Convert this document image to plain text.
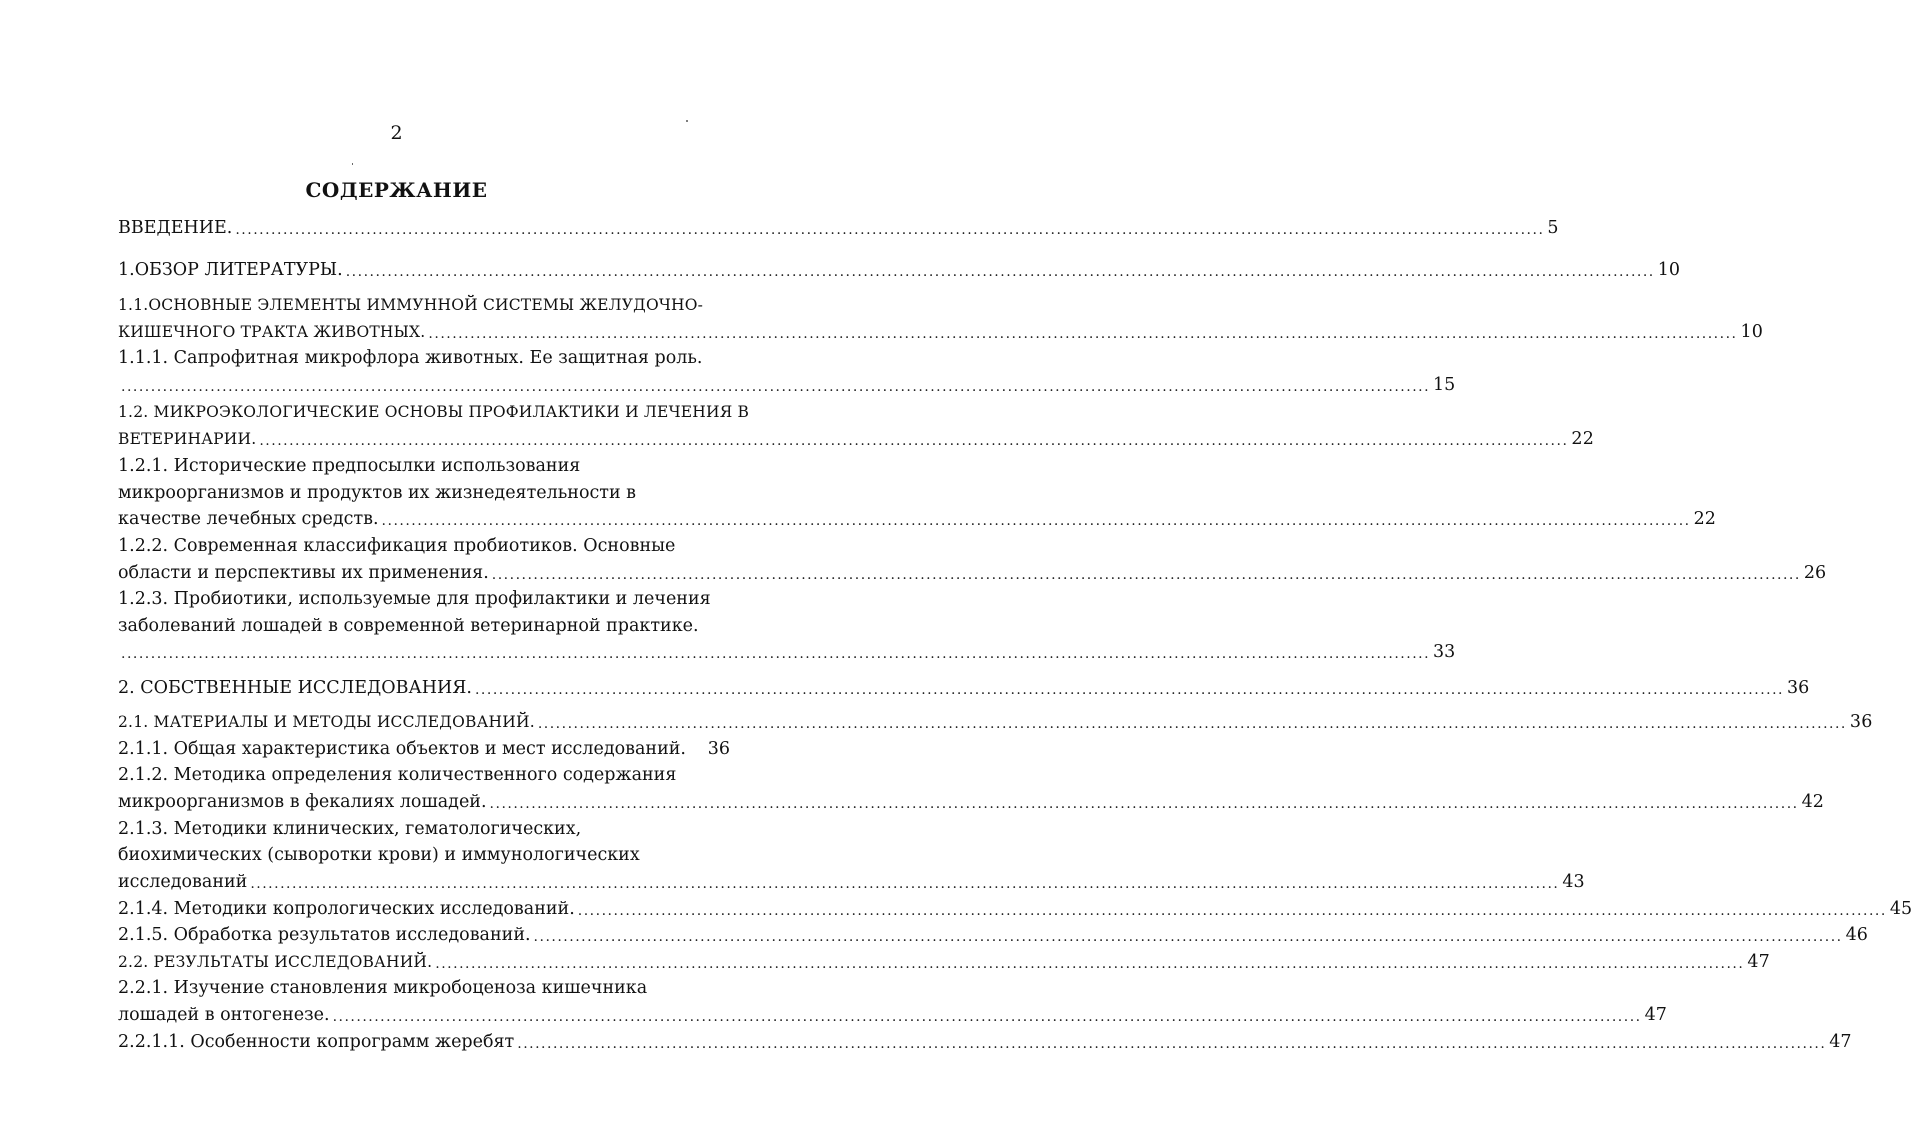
2
СОДЕРЖАНИЕ
ВВЕДЕНИЕ. ............................................................................................................................................................................................................................ 5
1.ОБЗОР ЛИТЕРАТУРЫ. ............................................................................................................................................................................................................................ 10
1.1.ОСНОВНЫЕ ЭЛЕМЕНТЫ ИММУННОЙ СИСТЕМЫ ЖЕЛУДОЧНО-
КИШЕЧНОГО ТРАКТА ЖИВОТНЫХ. ............................................................................................................................................................................................................................ 10
1.1.1. Сапрофитная микрофлора животных. Ее защитная роль.
............................................................................................................................................................................................................................ 15
1.2. МИКРОЭКОЛОГИЧЕСКИЕ ОСНОВЫ ПРОФИЛАКТИКИ И ЛЕЧЕНИЯ В
ВЕТЕРИНАРИИ. ............................................................................................................................................................................................................................ 22
1.2.1. Исторические предпосылки использования
микроорганизмов и продуктов их жизнедеятельности в
качестве лечебных средств. ............................................................................................................................................................................................................................ 22
1.2.2. Современная классификация пробиотиков. Основные
области и перспективы их применения. ............................................................................................................................................................................................................................ 26
1.2.3. Пробиотики, используемые для профилактики и лечения
заболеваний лошадей в современной ветеринарной практике.
............................................................................................................................................................................................................................ 33
2. СОБСТВЕННЫЕ ИССЛЕДОВАНИЯ. ............................................................................................................................................................................................................................ 36
2.1. МАТЕРИАЛЫ И МЕТОДЫ ИССЛЕДОВАНИЙ. ............................................................................................................................................................................................................................ 36
2.1.1. Общая характеристика объектов и мест исследований. 36
2.1.2. Методика определения количественного содержания
микроорганизмов в фекалиях лошадей. ............................................................................................................................................................................................................................ 42
2.1.3. Методики клинических, гематологических,
биохимических (сыворотки крови) и иммунологических
исследований ............................................................................................................................................................................................................................ 43
2.1.4. Методики копрологических исследований. ............................................................................................................................................................................................................................ 45
2.1.5. Обработка результатов исследований. ............................................................................................................................................................................................................................ 46
2.2. РЕЗУЛЬТАТЫ ИССЛЕДОВАНИЙ. ............................................................................................................................................................................................................................ 47
2.2.1. Изучение становления микробоценоза кишечника
лошадей в онтогенезе. ............................................................................................................................................................................................................................ 47
2.2.1.1. Особенности копрограмм жеребят ............................................................................................................................................................................................................................ 47
